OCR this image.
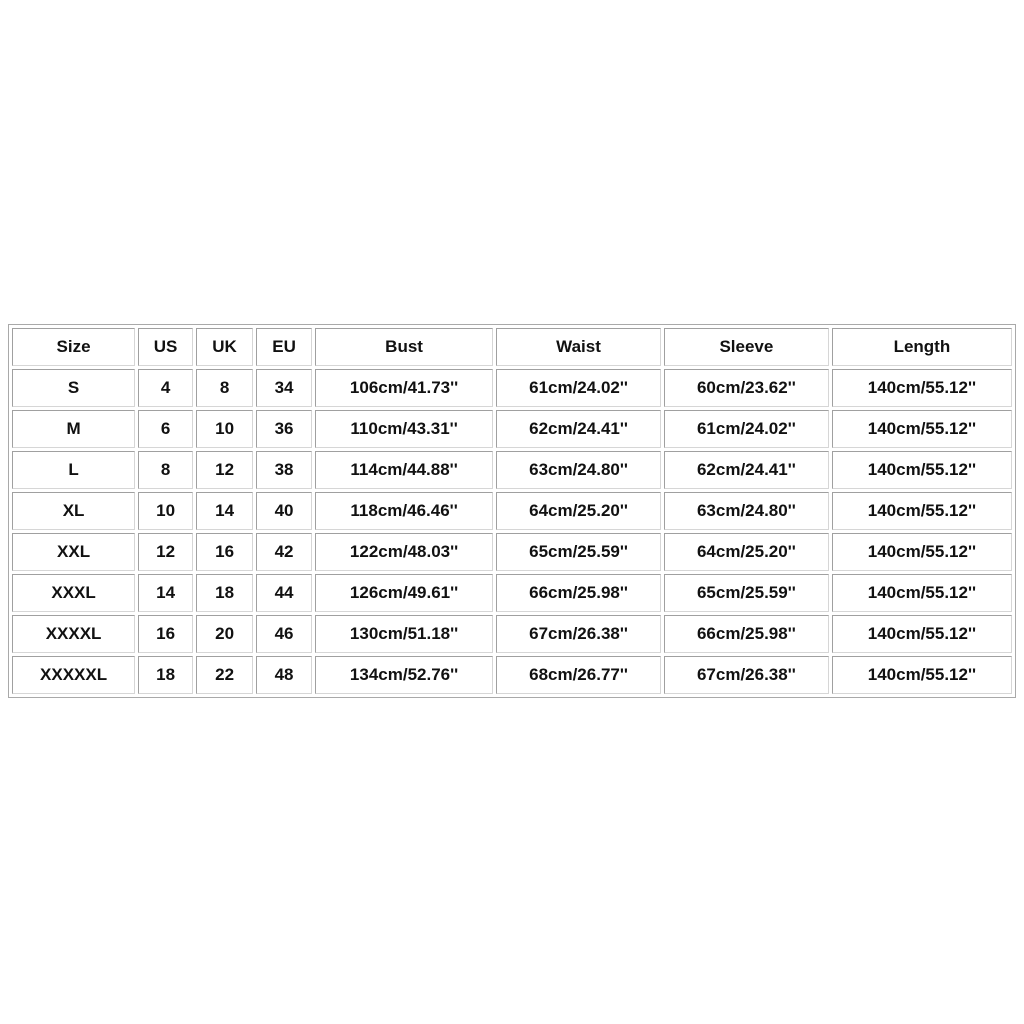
Size	US	UK	EU	Bust	Waist	Sleeve	Length
S	4	8	34	106cm/41.73''	61cm/24.02''	60cm/23.62''	140cm/55.12''
M	6	10	36	110cm/43.31''	62cm/24.41''	61cm/24.02''	140cm/55.12''
L	8	12	38	114cm/44.88''	63cm/24.80''	62cm/24.41''	140cm/55.12''
XL	10	14	40	118cm/46.46''	64cm/25.20''	63cm/24.80''	140cm/55.12''
XXL	12	16	42	122cm/48.03''	65cm/25.59''	64cm/25.20''	140cm/55.12''
XXXL	14	18	44	126cm/49.61''	66cm/25.98''	65cm/25.59''	140cm/55.12''
XXXXL	16	20	46	130cm/51.18''	67cm/26.38''	66cm/25.98''	140cm/55.12''
XXXXXL	18	22	48	134cm/52.76''	68cm/26.77''	67cm/26.38''	140cm/55.12''
